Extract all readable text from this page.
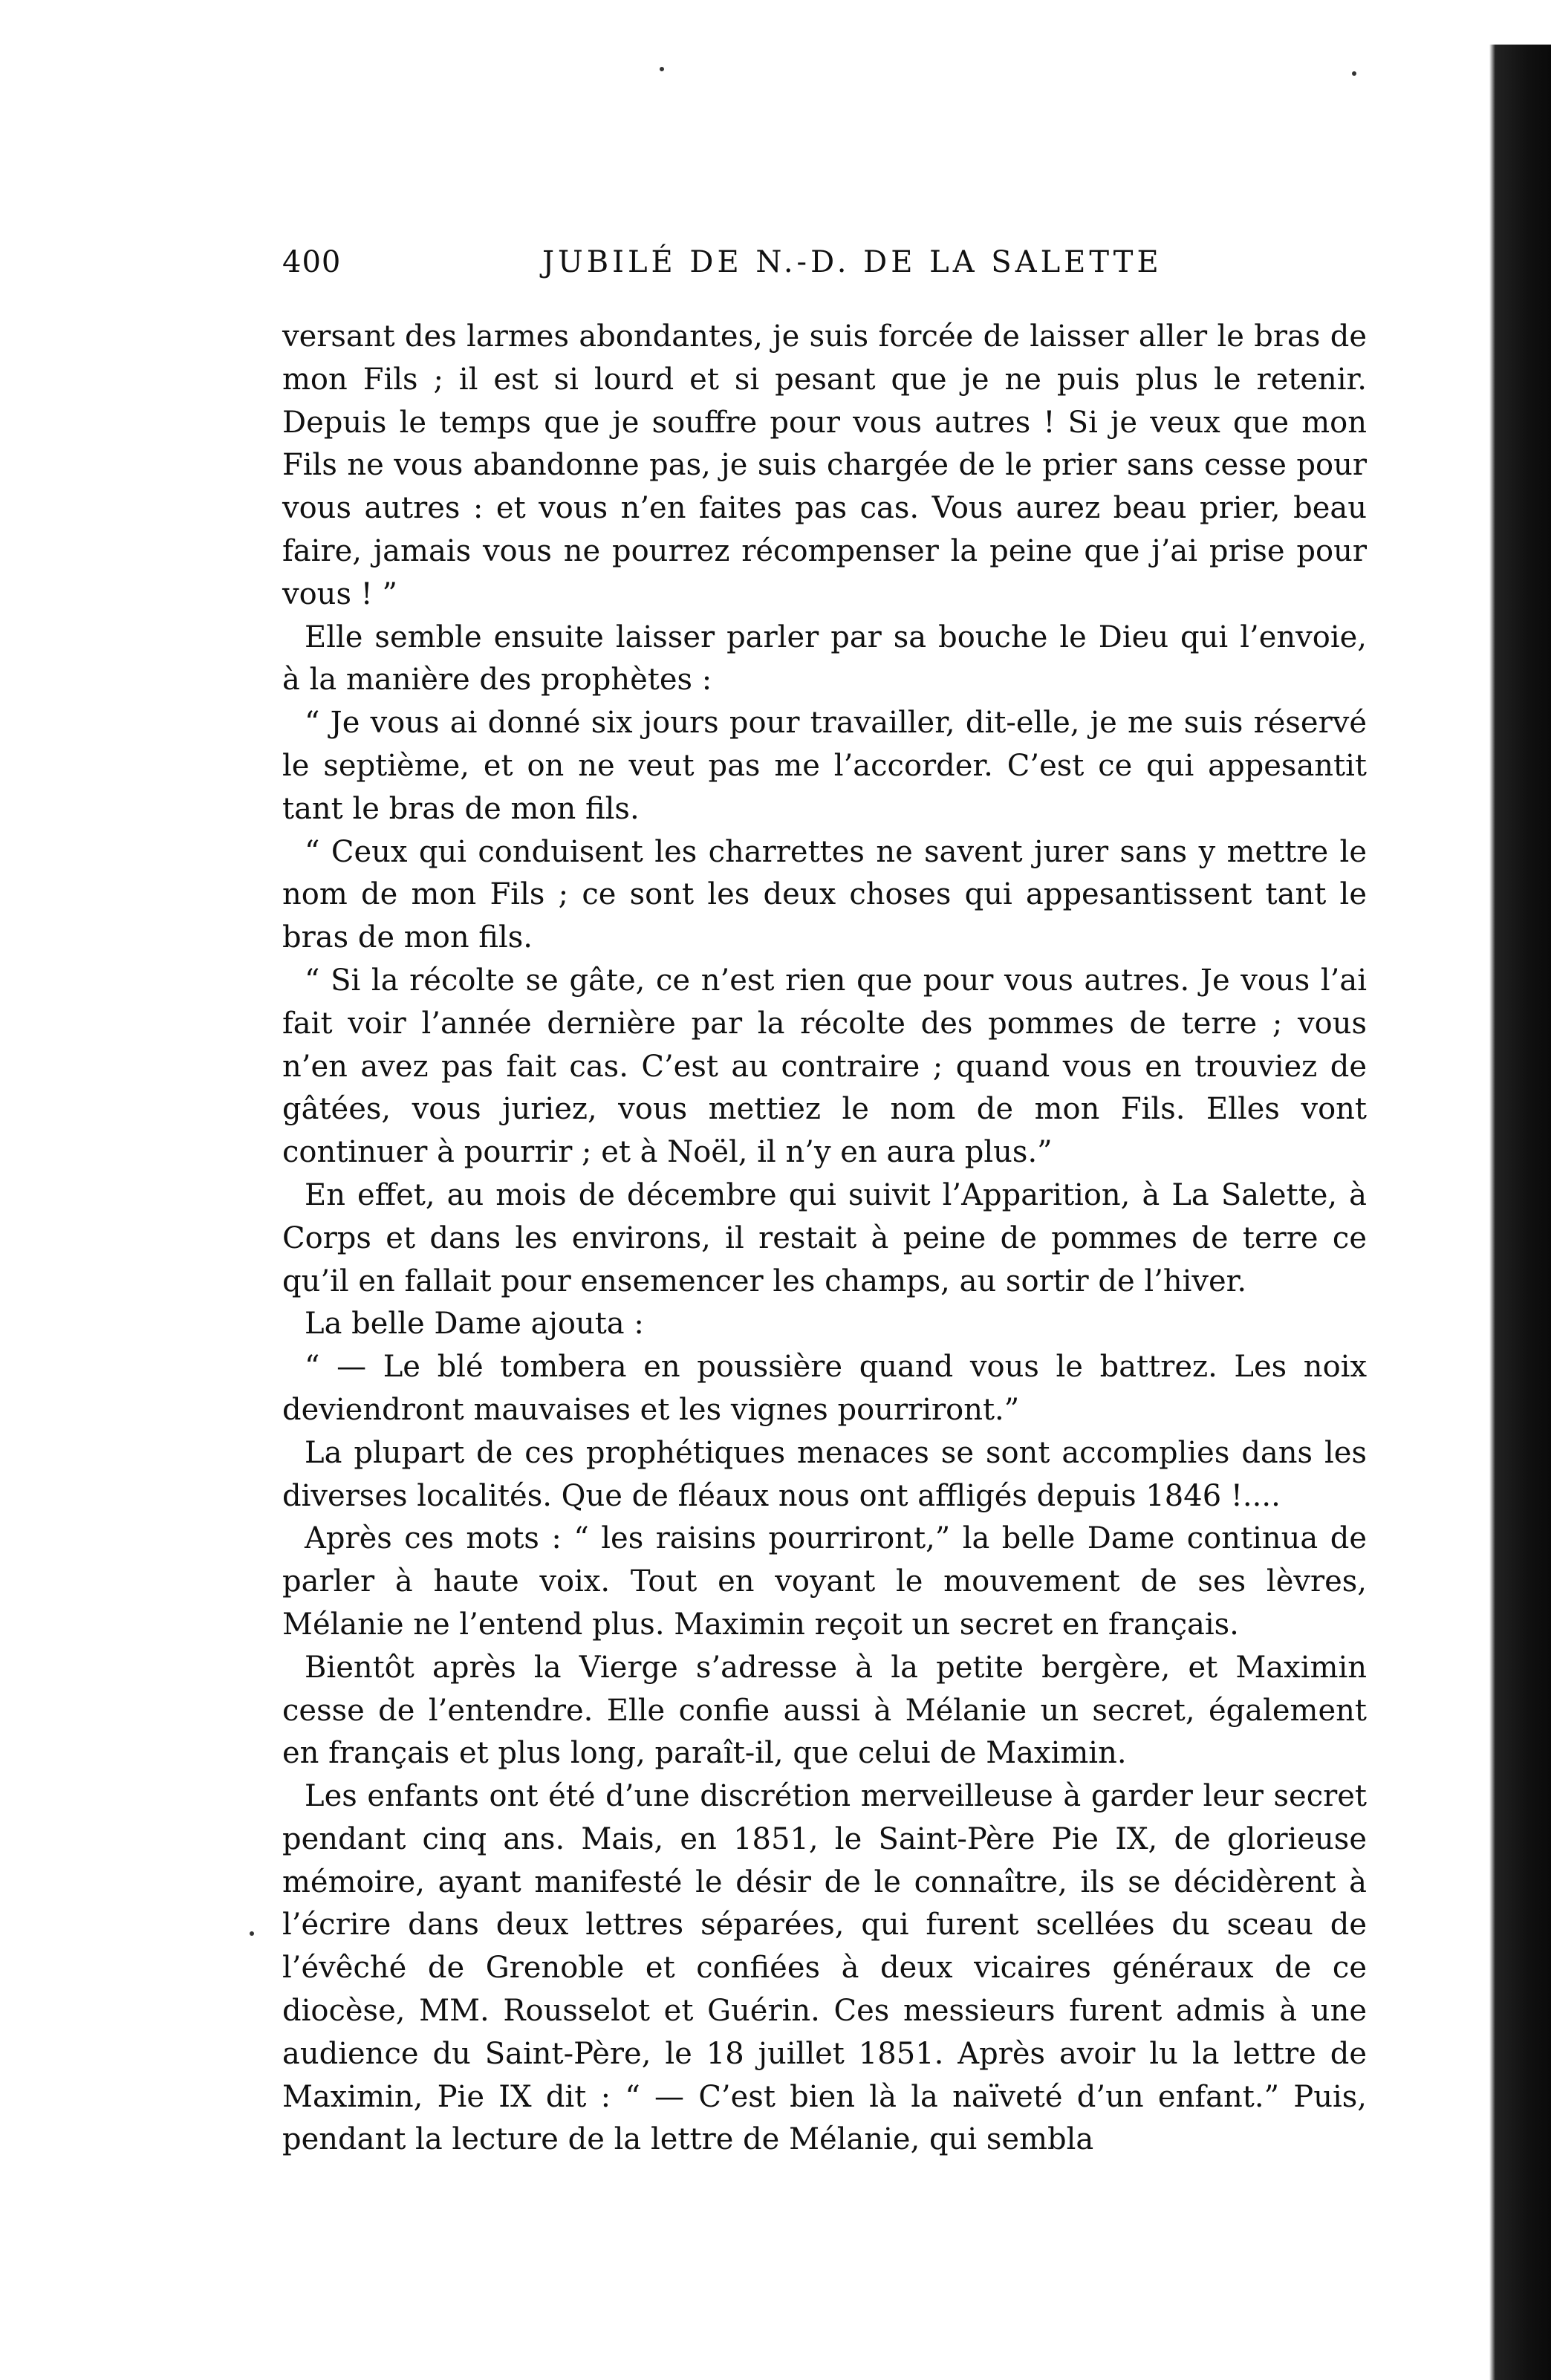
400	JUBILÉ DE N.-D. DE LA SALETTE

versant des larmes abondantes, je suis forcée de laisser aller le bras de mon Fils ; il est si lourd et si pesant que je ne puis plus le retenir. Depuis le temps que je souffre pour vous autres ! Si je veux que mon Fils ne vous abandonne pas, je suis chargée de le prier sans cesse pour vous autres : et vous n’en faites pas cas. Vous aurez beau prier, beau faire, jamais vous ne pourrez récompenser la peine que j’ai prise pour vous ! ”

Elle semble ensuite laisser parler par sa bouche le Dieu qui l’envoie, à la manière des prophètes :

“ Je vous ai donné six jours pour travailler, dit-elle, je me suis réservé le septième, et on ne veut pas me l’accorder. C’est ce qui appesantit tant le bras de mon fils.

“ Ceux qui conduisent les charrettes ne savent jurer sans y mettre le nom de mon Fils ; ce sont les deux choses qui appesantissent tant le bras de mon fils.

“ Si la récolte se gâte, ce n’est rien que pour vous autres. Je vous l’ai fait voir l’année dernière par la récolte des pommes de terre ; vous n’en avez pas fait cas. C’est au contraire ; quand vous en trouviez de gâtées, vous juriez, vous mettiez le nom de mon Fils. Elles vont continuer à pourrir ; et à Noël, il n’y en aura plus.”

En effet, au mois de décembre qui suivit l’Apparition, à La Salette, à Corps et dans les environs, il restait à peine de pommes de terre ce qu’il en fallait pour ensemencer les champs, au sortir de l’hiver.

La belle Dame ajouta :

“ — Le blé tombera en poussière quand vous le battrez. Les noix deviendront mauvaises et les vignes pourriront.”

La plupart de ces prophétiques menaces se sont accomplies dans les diverses localités. Que de fléaux nous ont affligés depuis 1846 !....

Après ces mots : “ les raisins pourriront,” la belle Dame continua de parler à haute voix. Tout en voyant le mouvement de ses lèvres, Mélanie ne l’entend plus. Maximin reçoit un secret en français.

Bientôt après la Vierge s’adresse à la petite bergère, et Maximin cesse de l’entendre. Elle confie aussi à Mélanie un secret, également en français et plus long, paraît-il, que celui de Maximin.

Les enfants ont été d’une discrétion merveilleuse à garder leur secret pendant cinq ans. Mais, en 1851, le Saint-Père Pie IX, de glorieuse mémoire, ayant manifesté le désir de le connaître, ils se décidèrent à l’écrire dans deux lettres séparées, qui furent scellées du sceau de l’évêché de Grenoble et confiées à deux vicaires généraux de ce diocèse, MM. Rousselot et Guérin. Ces messieurs furent admis à une audience du Saint-Père, le 18 juillet 1851. Après avoir lu la lettre de Maximin, Pie IX dit : “ — C’est bien là la naïveté d’un enfant.” Puis, pendant la lecture de la lettre de Mélanie, qui sembla
